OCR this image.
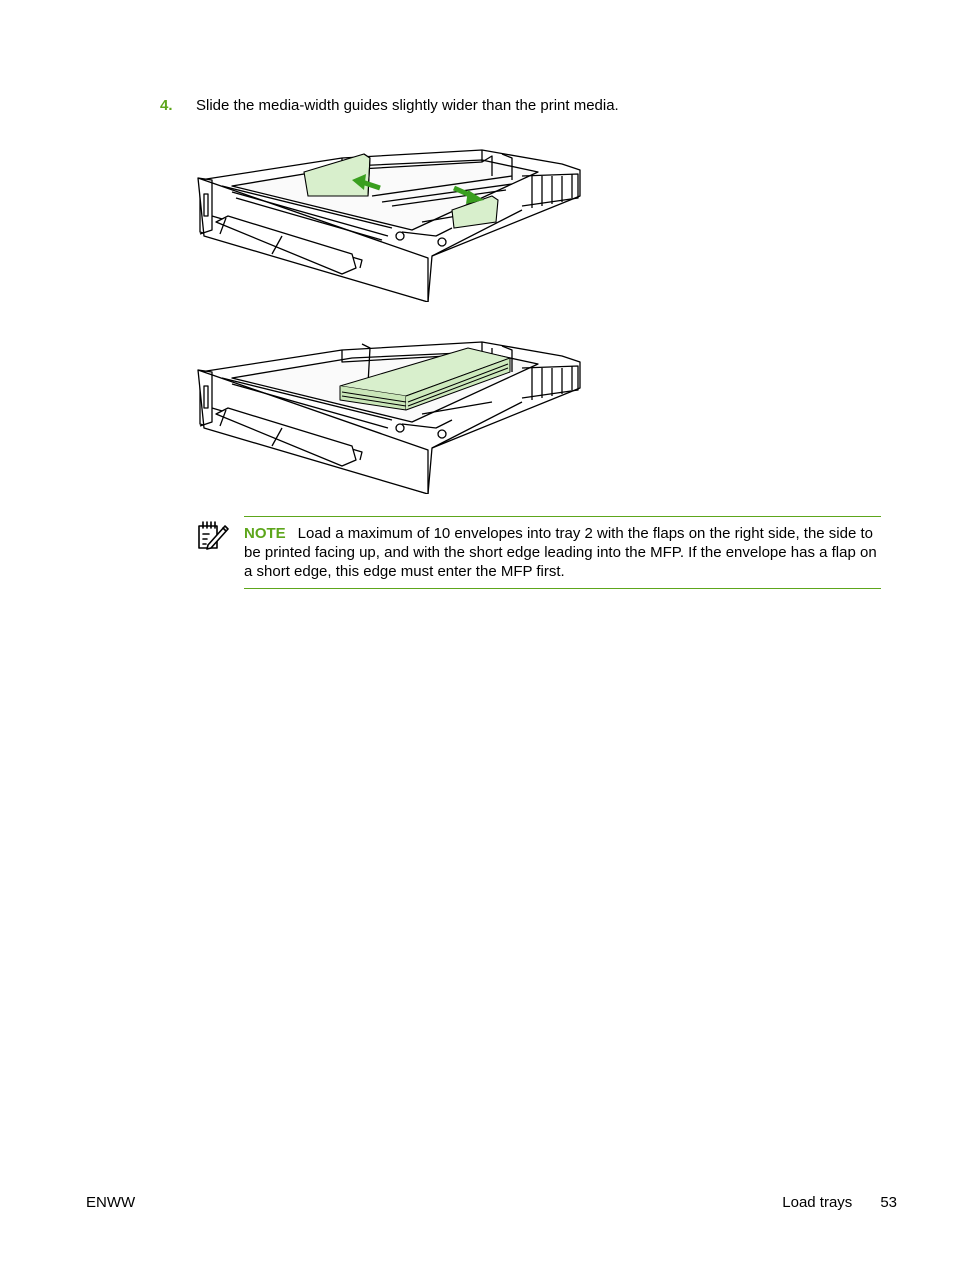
4. Slide the media-width guides slightly wider than the print media.
NOTE Load a maximum of 10 envelopes into tray 2 with the flaps on the right side, the side to be printed facing up, and with the short edge leading into the MFP. If the envelope has a flap on a short edge, this edge must enter the MFP first.
ENWW	Load trays 53
